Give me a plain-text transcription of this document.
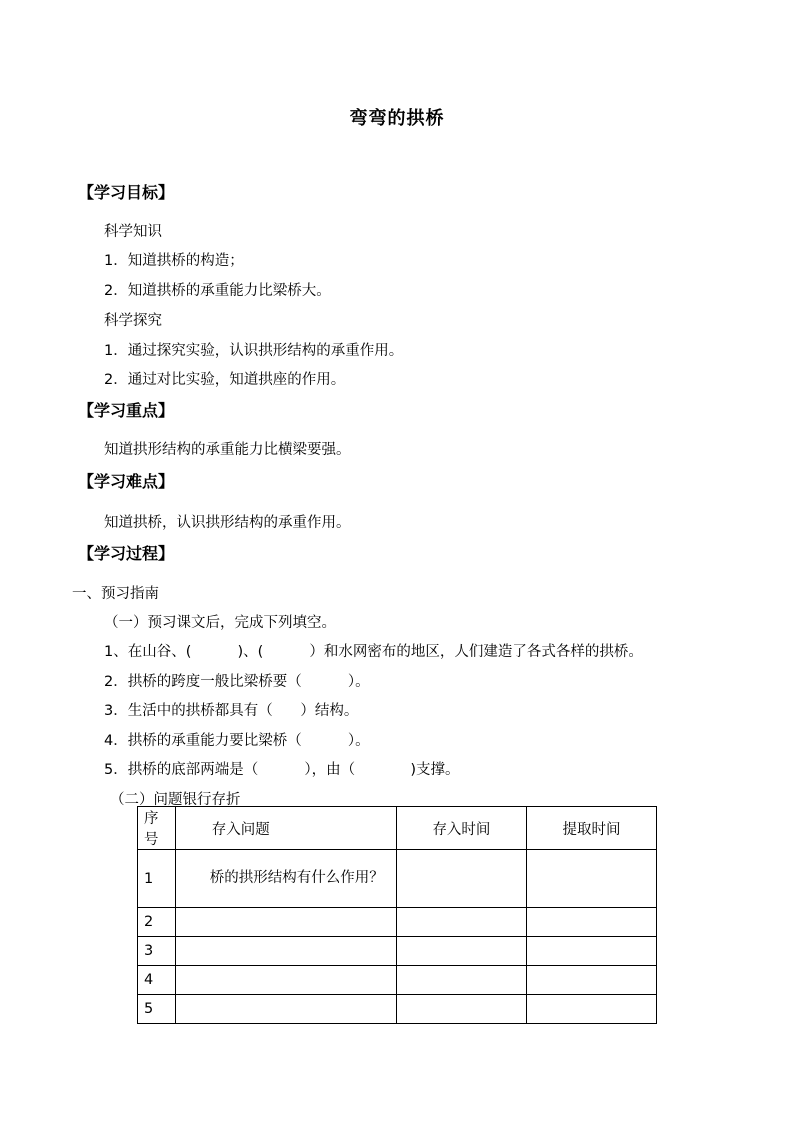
弯弯的拱桥
【学习目标】
科学知识
1．知道拱桥的构造；
2．知道拱桥的承重能力比梁桥大。
科学探究
1．通过探究实验，认识拱形结构的承重作用。
2．通过对比实验，知道拱座的作用。
【学习重点】
知道拱形结构的承重能力比横梁要强。
【学习难点】
知道拱桥，认识拱形结构的承重作用。
【学习过程】
一、预习指南
（一）预习课文后，完成下列填空。
1、在山谷、(          )、(          ）和水网密布的地区，人们建造了各式各样的拱桥。
2．拱桥的跨度一般比梁桥要（          ）。
3．生活中的拱桥都具有（      ）结构。
4．拱桥的承重能力要比梁桥（          ）。
5．拱桥的底部两端是（          ），由（            )支撑。
（二）问题银行存折
序号	存入问题	存入时间	提取时间
1	桥的拱形结构有什么作用？		

2			
3			
4			
5			
